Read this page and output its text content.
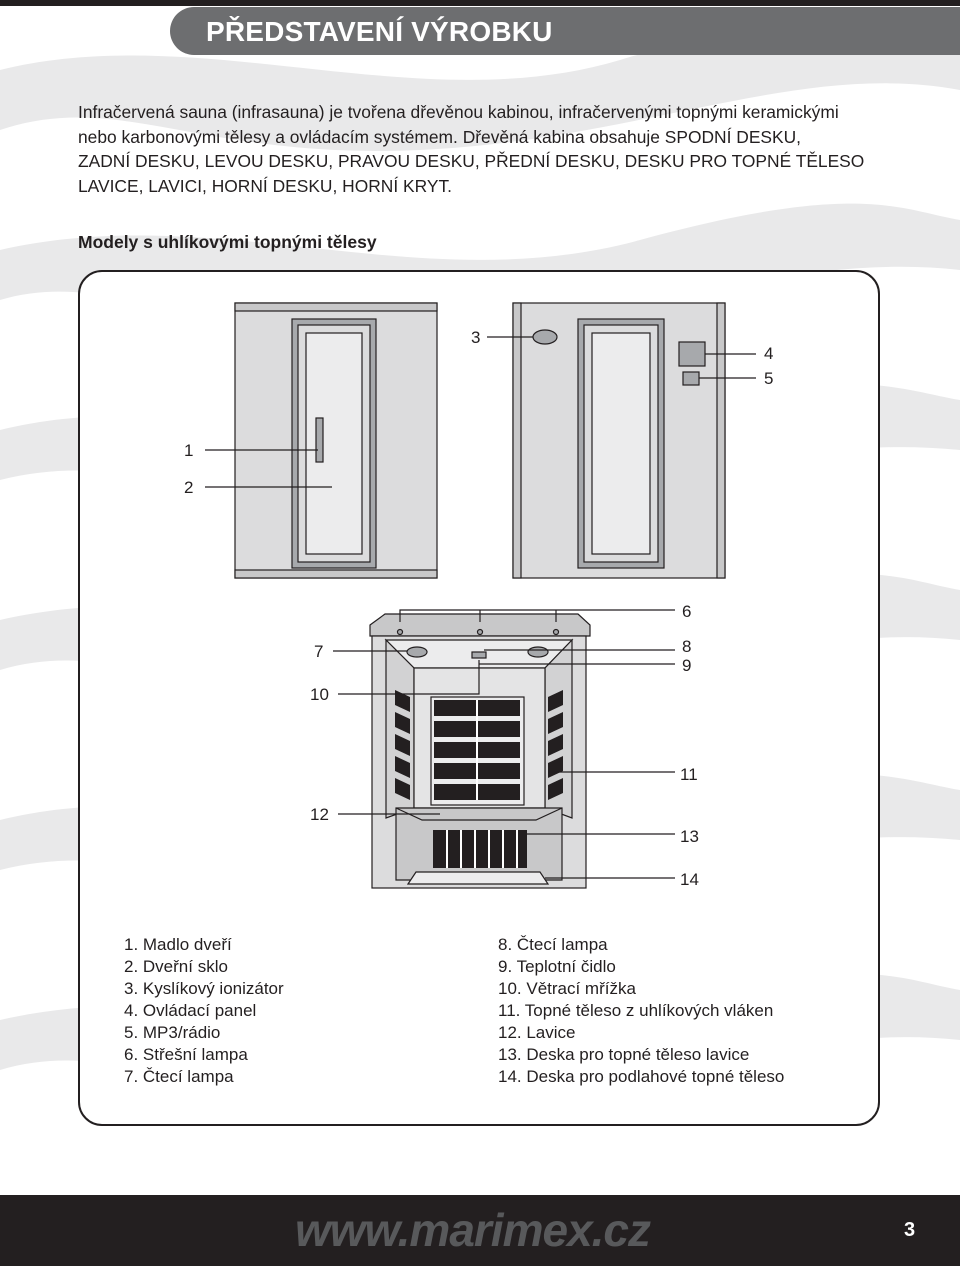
PŘEDSTAVENÍ VÝROBKU
Infračervená sauna (infrasauna) je tvořena dřevěnou kabinou, infračervenými topnými keramickými
nebo karbonovými tělesy a ovládacím systémem. Dřevěná kabina obsahuje SPODNÍ DESKU,
ZADNÍ DESKU, LEVOU DESKU, PRAVOU DESKU, PŘEDNÍ DESKU, DESKU PRO TOPNÉ TĚLESO
LAVICE, LAVICI, HORNÍ DESKU, HORNÍ KRYT.
Modely s uhlíkovými topnými tělesy
1
2
3
4
5
6
7	8
9
10
11
12
13
14
1. Madlo dveří
2. Dveřní sklo
3. Kyslíkový ionizátor
4. Ovládací panel
5. MP3/rádio
6. Střešní lampa
7. Čtecí lampa
8. Čtecí lampa
9. Teplotní čidlo
10. Větrací mřížka
11. Topné těleso z uhlíkových vláken
12. Lavice
13. Deska pro topné těleso lavice
14. Deska pro podlahové topné těleso
www.marimex.cz	3
